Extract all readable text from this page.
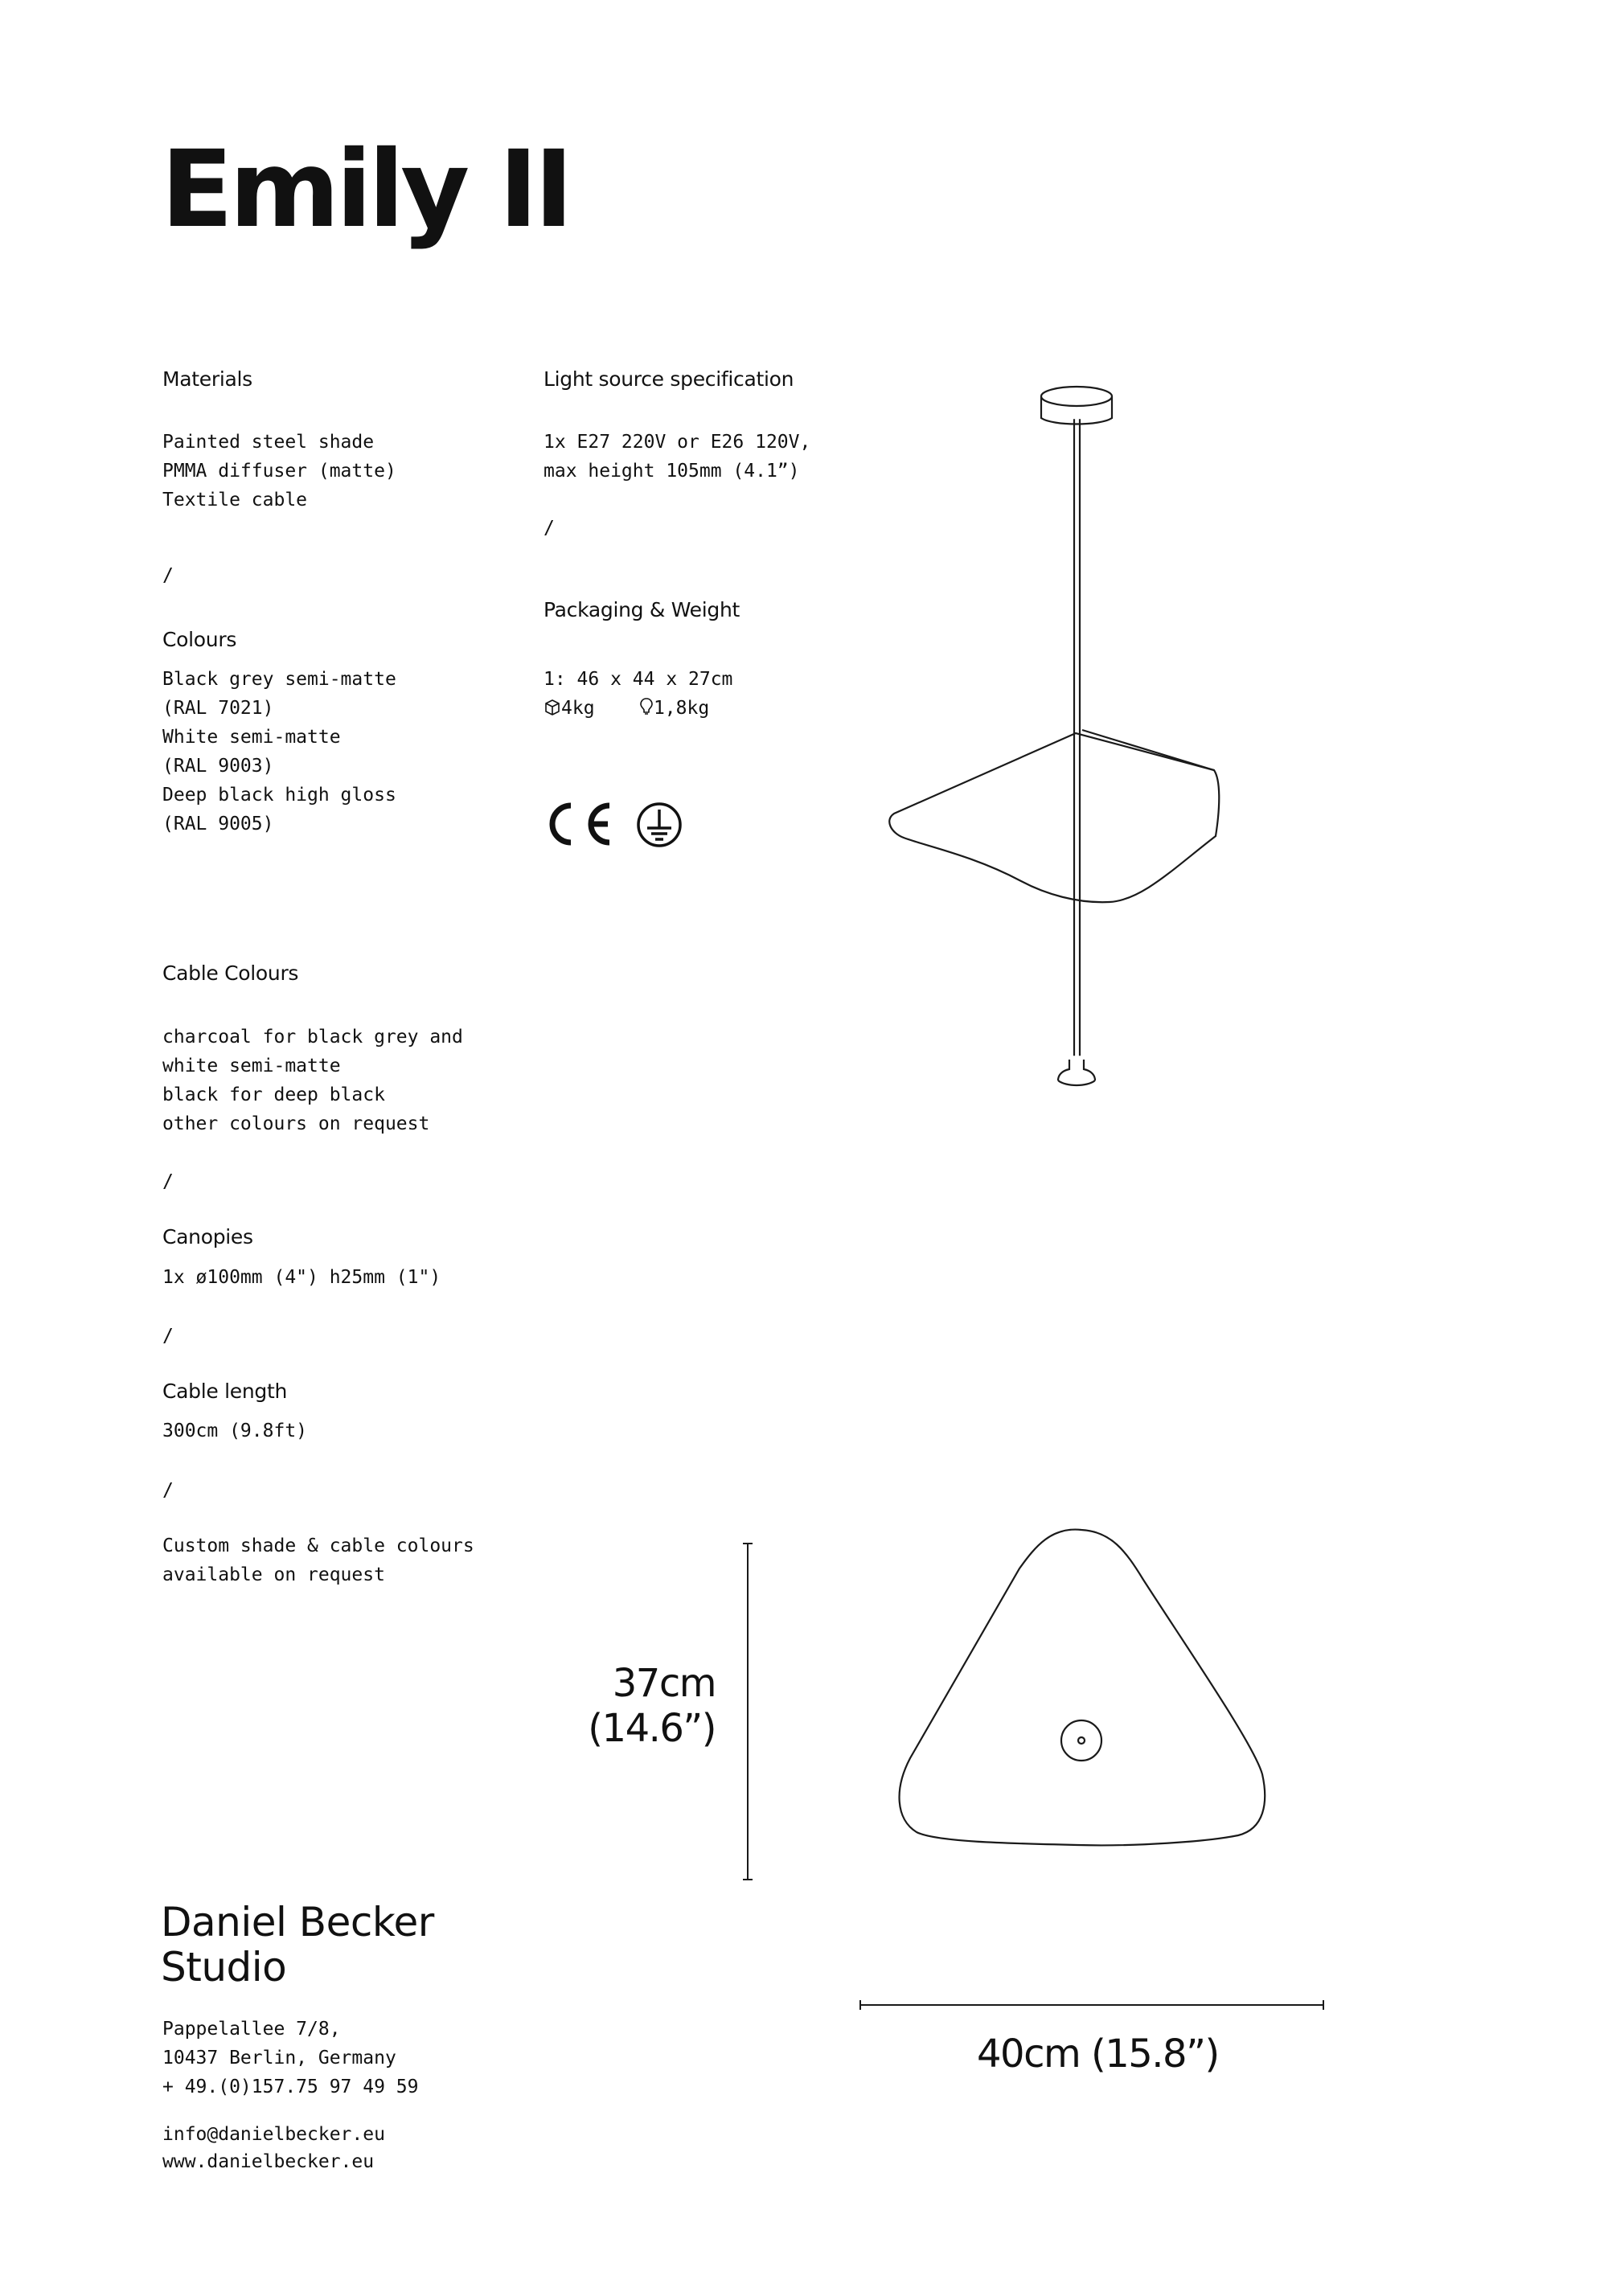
Emily II
Materials
Painted steel shade
PMMA diffuser (matte)
Textile cable
/
Colours
Black grey semi-matte
(RAL 7021)
White semi-matte
(RAL 9003)
Deep black high gloss
(RAL 9005)
Cable Colours
charcoal for black grey and
white semi-matte
black for deep black
other colours on request
/
Canopies
1x ø100mm (4") h25mm (1")
/
Cable length
300cm (9.8ft)
/
Custom shade & cable colours
available on request
Light source specification
1x E27 220V or E26 120V,
max height 105mm (4.1”)
/
Packaging & Weight
1: 46 x 44 x 27cm
4kg	1,8kg
37cm
(14.6”)
40cm (15.8”)
Daniel Becker
Studio
Pappelallee 7/8,
10437 Berlin, Germany
+ 49.(0)157.75 97 49 59
info@danielbecker.eu
www.danielbecker.eu
